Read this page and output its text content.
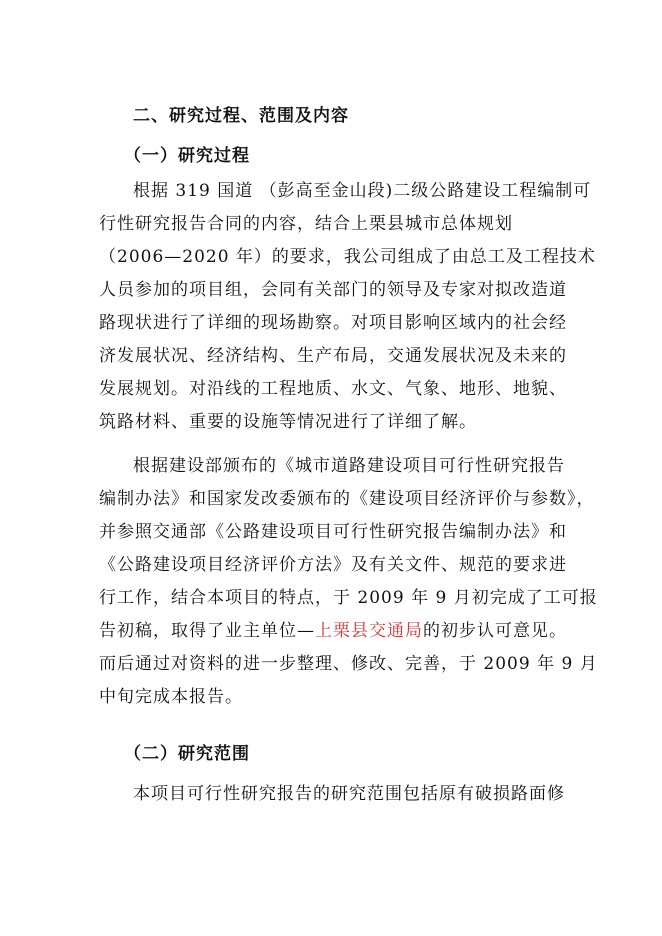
二、研究过程、范围及内容
（一）研究过程
根据 319 国道 （彭高至金山段)二级公路建设工程编制可
行性研究报告合同的内容，结合上栗县城市总体规划
（2006—2020 年）的要求，我公司组成了由总工及工程技术
人员参加的项目组，会同有关部门的领导及专家对拟改造道
路现状进行了详细的现场勘察。对项目影响区域内的社会经
济发展状况、经济结构、生产布局，交通发展状况及未来的
发展规划。对沿线的工程地质、水文、气象、地形、地貌、
筑路材料、重要的设施等情况进行了详细了解。
根据建设部颁布的《城市道路建设项目可行性研究报告
编制办法》和国家发改委颁布的《建设项目经济评价与参数》，
并参照交通部《公路建设项目可行性研究报告编制办法》和
《公路建设项目经济评价方法》及有关文件、规范的要求进
行工作，结合本项目的特点，于 2009 年 9 月初完成了工可报
告初稿，取得了业主单位—上栗县交通局的初步认可意见。
而后通过对资料的进一步整理、修改、完善，于 2009 年 9 月
中旬完成本报告。
（二）研究范围
本项目可行性研究报告的研究范围包括原有破损路面修
